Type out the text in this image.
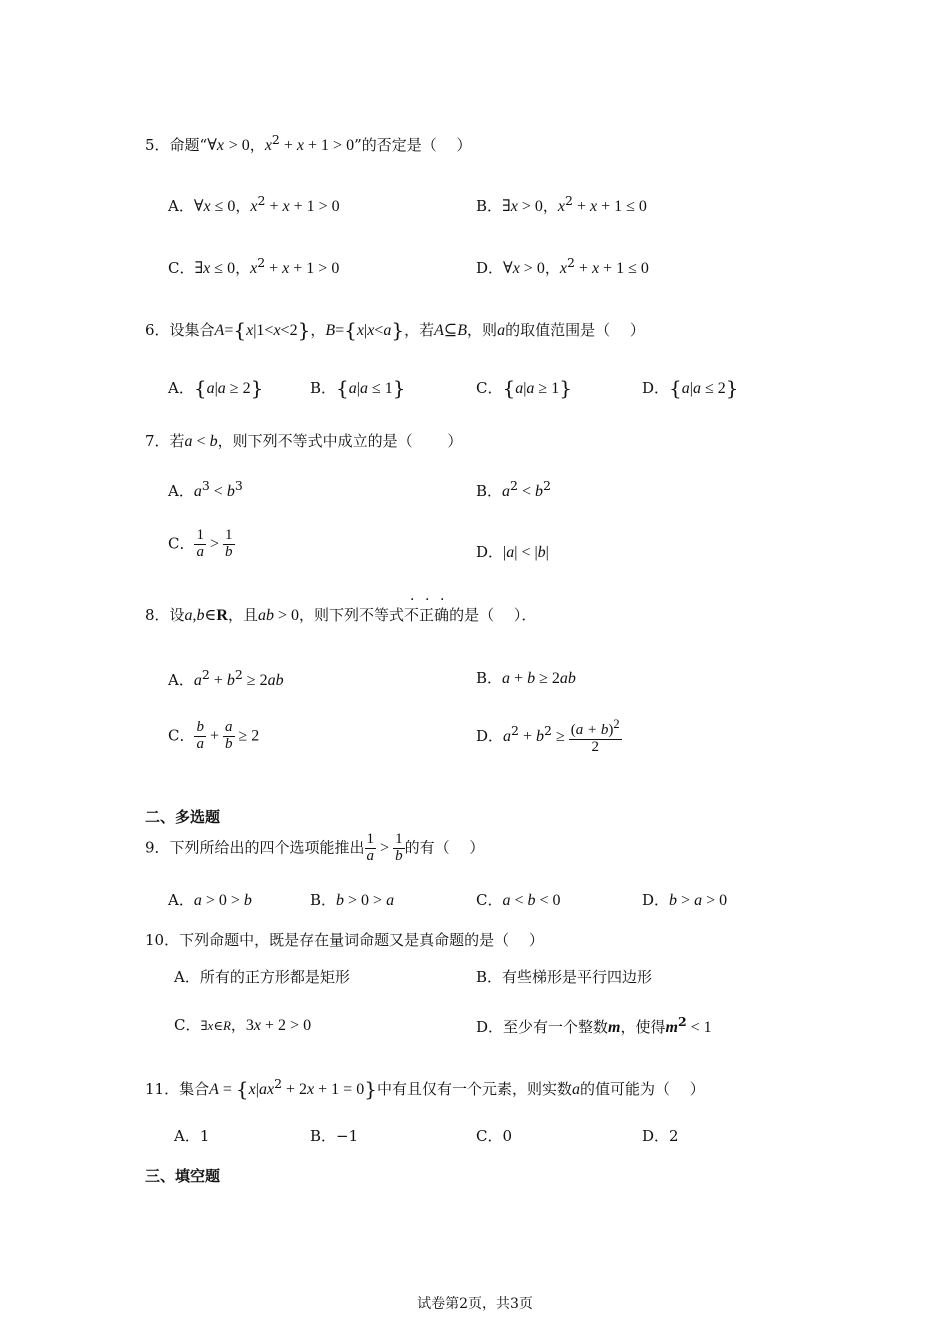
5．命题“∀x > 0，$x^2 + x + 1 > 0$”的否定是（　 ）
A．∀x ≤ 0，$x^2 + x + 1 > 0$	B．∃x > 0，$x^2 + x + 1 \le 0$
C．∃x ≤ 0，$x^2 + x + 1 > 0$	D．∀x > 0，$x^2 + x + 1 \le 0$
6．设集合A={x|1<x<2}，B={x|x<a}，若A⊆B，则a的取值范围是（　 ）
A．{a|a ≥ 2}	B．{a|a ≤ 1}	C．{a|a ≥ 1}	D．{a|a ≤ 2}
7．若a < b，则下列不等式中成立的是（　　 ）
A．$a^3 < b^3$	B．$a^2 < b^2$
C． $\frac{1}{a} > \frac{1}{b}$	D．|a| < |b|
8．设a,b∈R，且ab > 0，则下列不等式不正确的是（　 ）．
A．$a^2 + b^2 \ge 2ab$	B．a + b ≥ 2ab
C． $\frac{b}{a} + \frac{a}{b} \ge 2$	D．$a^2 + b^2 \ge \frac{(a + b)^2}{2}$
二、多选题
9．下列所给出的四个选项能推出 $\frac{1}{a} > \frac{1}{b}$ 的有（　 ）
A．a > 0 > b	B．b > 0 > a	C．a < b < 0	D．b > a > 0
10．下列命题中，既是存在量词命题又是真命题的是（　 ）
A．所有的正方形都是矩形	B．有些梯形是平行四边形
C．∃x∈R，3x + 2 > 0	D．至少有一个整数m，使得$m^2 < 1$
11．集合$A = \{x|ax^2 + 2x + 1 = 0\}$中有且仅有一个元素，则实数a的值可能为（　 ）
A．1	B．−1	C．0	D．2
三、填空题
试卷第2页，共3页
